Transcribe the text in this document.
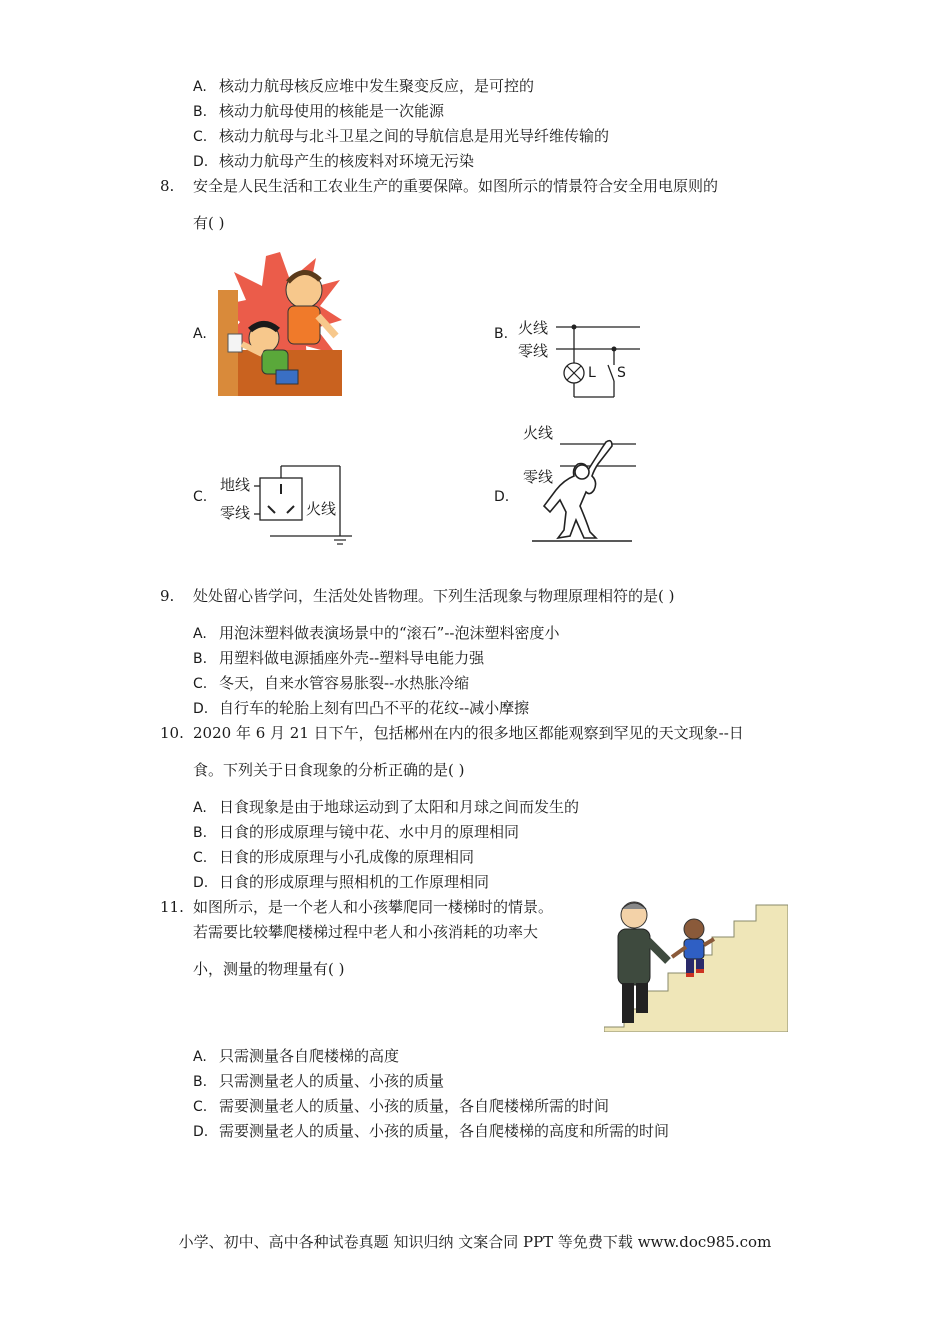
A. 核动力航母核反应堆中发生聚变反应，是可控的
B. 核动力航母使用的核能是一次能源
C. 核动力航母与北斗卫星之间的导航信息是用光导纤维传输的
D. 核动力航母产生的核废料对环境无污染
8. 安全是人民生活和工农业生产的重要保障。如图所示的情景符合安全用电原则的
有( )
A.	B. 火线
零线
L S
C.
地线
零线	火线
D.
火线
零线
9. 处处留心皆学问，生活处处皆物理。下列生活现象与物理原理相符的是( )
A. 用泡沫塑料做表演场景中的“滚石”--泡沫塑料密度小
B. 用塑料做电源插座外壳--塑料导电能力强
C. 冬天，自来水管容易胀裂--水热胀冷缩
D. 自行车的轮胎上刻有凹凸不平的花纹--减小摩擦
10. 2020 年 6 月 21 日下午，包括郴州在内的很多地区都能观察到罕见的天文现象--日
食。下列关于日食现象的分析正确的是( )
A. 日食现象是由于地球运动到了太阳和月球之间而发生的
B. 日食的形成原理与镜中花、水中月的原理相同
C. 日食的形成原理与小孔成像的原理相同
D. 日食的形成原理与照相机的工作原理相同
11. 如图所示，是一个老人和小孩攀爬同一楼梯时的情景。
若需要比较攀爬楼梯过程中老人和小孩消耗的功率大
小，测量的物理量有( )
A. 只需测量各自爬楼梯的高度
B. 只需测量老人的质量、小孩的质量
C. 需要测量老人的质量、小孩的质量，各自爬楼梯所需的时间
D. 需要测量老人的质量、小孩的质量，各自爬楼梯的高度和所需的时间
小学、初中、高中各种试卷真题 知识归纳 文案合同 PPT 等免费下载 www.doc985.com
